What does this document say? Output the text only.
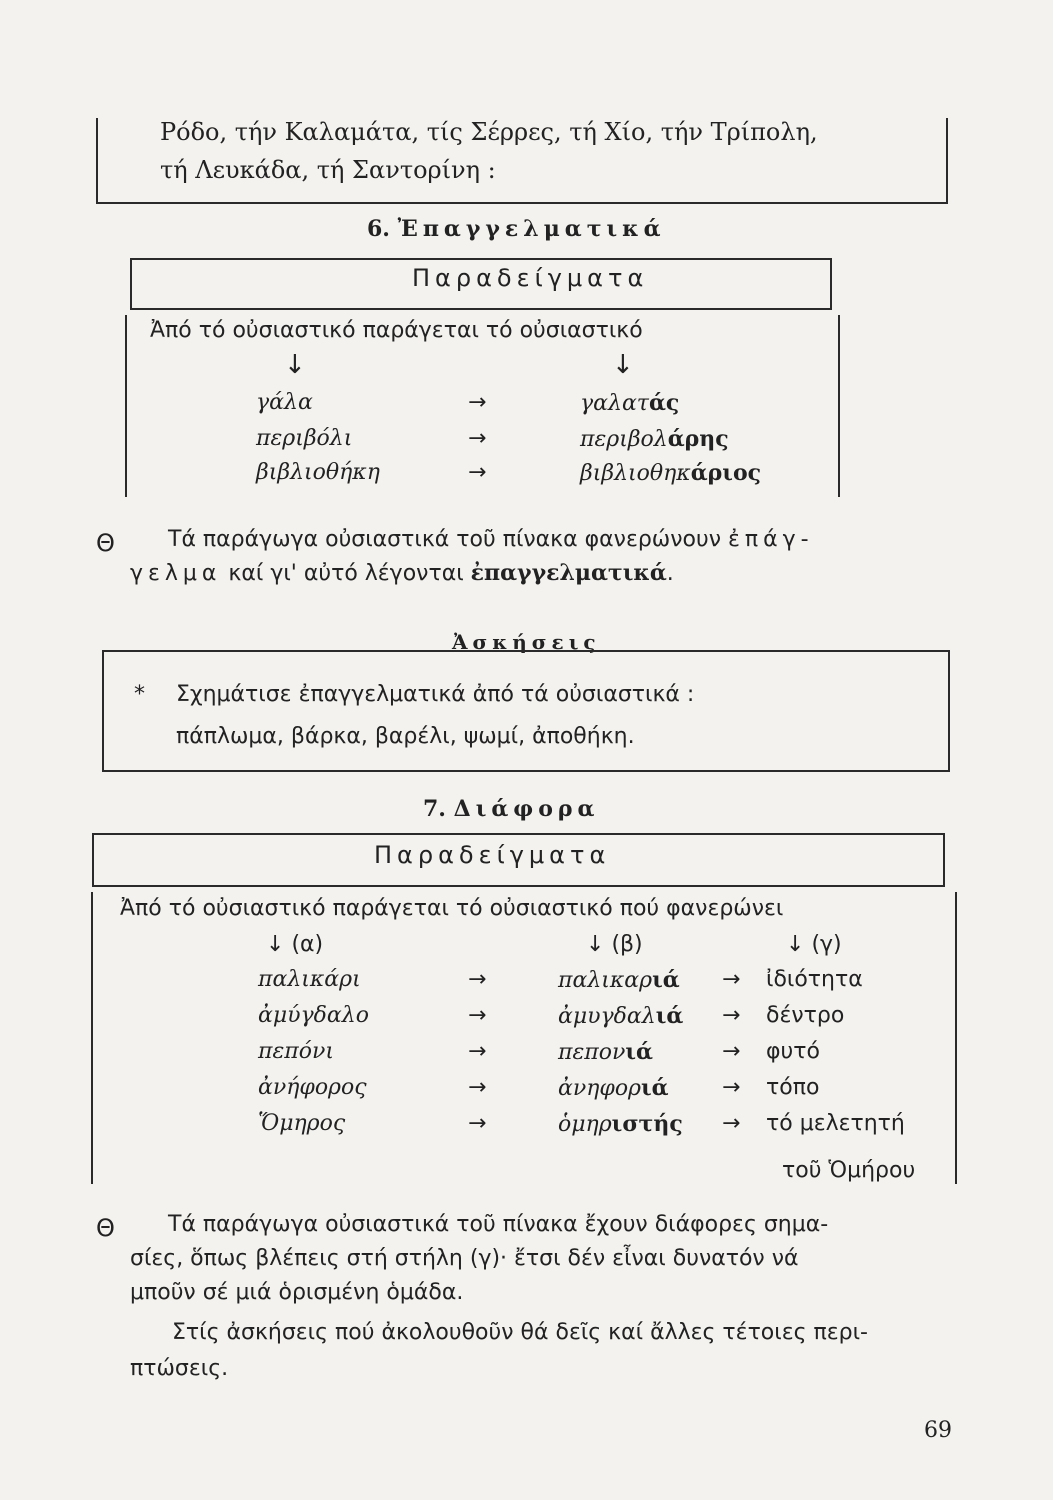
Ρόδο, τήν Καλαμάτα, τίς Σέρρες, τή Χίο, τήν Τρίπολη,
τή Λευκάδα, τή Σαντορίνη :
6. Ἐπαγγελματικά
Παραδείγματα
Ἀπό τό οὐσιαστικό παράγεται τό οὐσιαστικό
↓	↓
γάλα	→	γαλατάς
περιβόλι	→	περιβολάρης
βιβλιοθήκη	→	βιβλιοθηκάριος
Θ Τά παράγωγα οὐσιαστικά τοῦ πίνακα φανερώνουν ἐπάγ-
γελμα καί γι' αὐτό λέγονται ἐπαγγελματικά.
Ἀσκήσεις
* Σχημάτισε ἐπαγγελματικά ἀπό τά οὐσιαστικά :
πάπλωμα, βάρκα, βαρέλι, ψωμί, ἀποθήκη.
7. Διάφορα
Παραδείγματα
Ἀπό τό οὐσιαστικό παράγεται τό οὐσιαστικό πού φανερώνει
↓ (α)	↓ (β)	↓ (γ)
παλικάρι	→	παλικαριά → ἰδιότητα
ἀμύγδαλο	→	ἀμυγδαλιά → δέντρο
πεπόνι	→	πεπονιά	→ φυτό
ἀνήφορος	→	ἀνηφοριά → τόπο
Ὅμηρος	→	ὁμηριστής → τό μελετητή
τοῦ Ὁμήρου
Θ Τά παράγωγα οὐσιαστικά τοῦ πίνακα ἔχουν διάφορες σημα-
σίες, ὅπως βλέπεις στή στήλη (γ)· ἔτσι δέν εἶναι δυνατόν νά
μποῦν σέ μιά ὁρισμένη ὁμάδα.
Στίς ἀσκήσεις πού ἀκολουθοῦν θά δεῖς καί ἄλλες τέτοιες περι-
πτώσεις.
69
